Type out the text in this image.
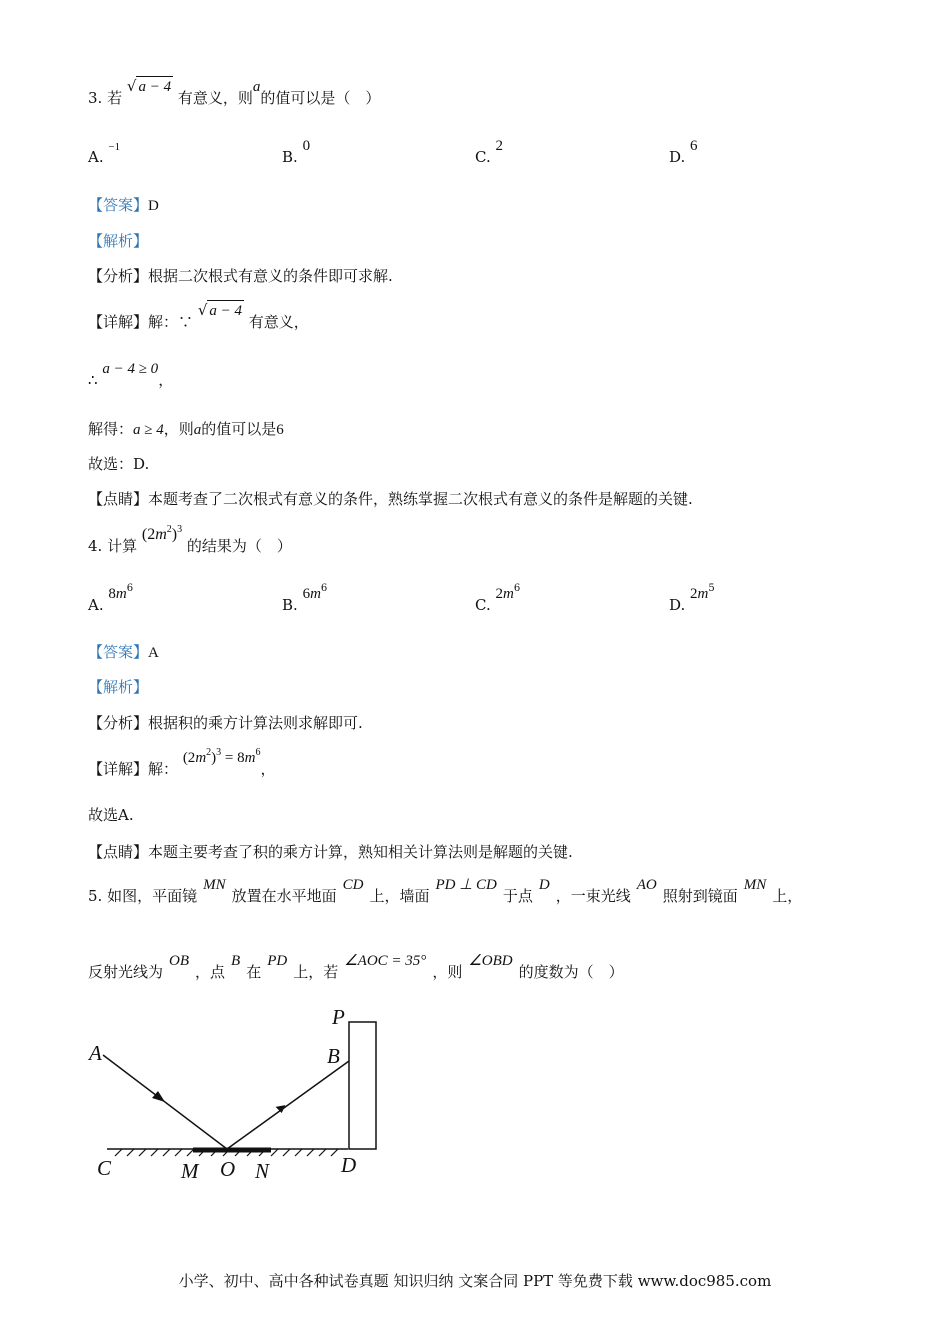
3. 若 √ a − 4 有意义，则a的值可以是（　）
A. $^{-1}$
B. 0
C. 2
D. 6
【答案】D
【解析】
【分析】根据二次根式有意义的条件即可求解.
【详解】解：∵ √ a − 4 有意义，
∴ a − 4 ≥ 0，
解得：a ≥ 4，则a的值可以是6
故选：D.
【点睛】本题考查了二次根式有意义的条件，熟练掌握二次根式有意义的条件是解题的关键.
4. 计算 $(2m^2)^3$ 的结果为（　）
A. $8m^6$
B. $6m^6$
C. $2m^6$
D. $2m^5$
【答案】A
【解析】
【分析】根据积的乘方计算法则求解即可.
【详解】解： $(2m^2)^3 = 8m^6$，
故选A.
【点睛】本题主要考查了积的乘方计算，熟知相关计算法则是解题的关键.
5. 如图，平面镜MN放置在水平地面CD上，墙面PD ⊥ CD于点D，一束光线AO照射到镜面MN上，
反射光线为OB，点B在PD上，若∠AOC = 35°，则∠OBD的度数为（　）
P
A	B
C	M O N	D
小学、初中、高中各种试卷真题 知识归纳 文案合同 PPT 等免费下载 www.doc985.com
